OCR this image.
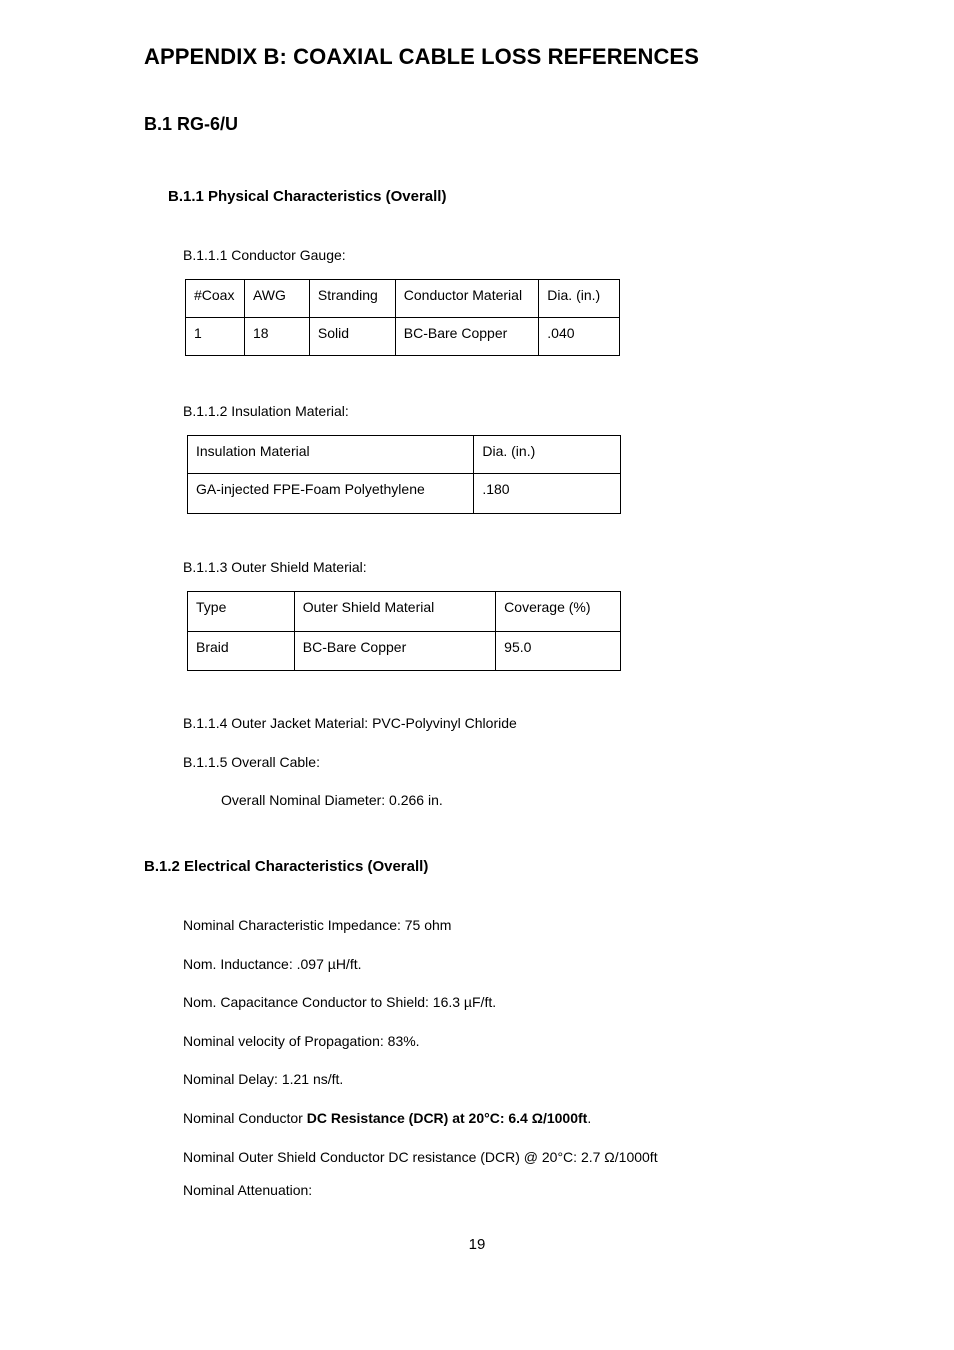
APPENDIX B: COAXIAL CABLE LOSS REFERENCES
B.1 RG-6/U
B.1.1 Physical Characteristics (Overall)
B.1.1.1 Conductor Gauge:
#Coax	AWG	Stranding	Conductor Material	Dia. (in.)
1	18	Solid	BC-Bare Copper	.040
B.1.1.2 Insulation Material:
Insulation Material	Dia. (in.)
GA-injected FPE-Foam Polyethylene	.180
B.1.1.3 Outer Shield Material:
Type	Outer Shield Material	Coverage (%)
Braid	BC-Bare Copper	95.0
B.1.1.4 Outer Jacket Material: PVC-Polyvinyl Chloride
B.1.1.5 Overall Cable:
Overall Nominal Diameter: 0.266 in.
B.1.2 Electrical Characteristics (Overall)
Nominal Characteristic Impedance: 75 ohm
Nom. Inductance: .097 µH/ft.
Nom. Capacitance Conductor to Shield: 16.3 µF/ft.
Nominal velocity of Propagation: 83%.
Nominal Delay: 1.21 ns/ft.
Nominal Conductor DC Resistance (DCR) at 20°C: 6.4 Ω/1000ft.
Nominal Outer Shield Conductor DC resistance (DCR) @ 20°C: 2.7 Ω/1000ft
Nominal Attenuation:
19
